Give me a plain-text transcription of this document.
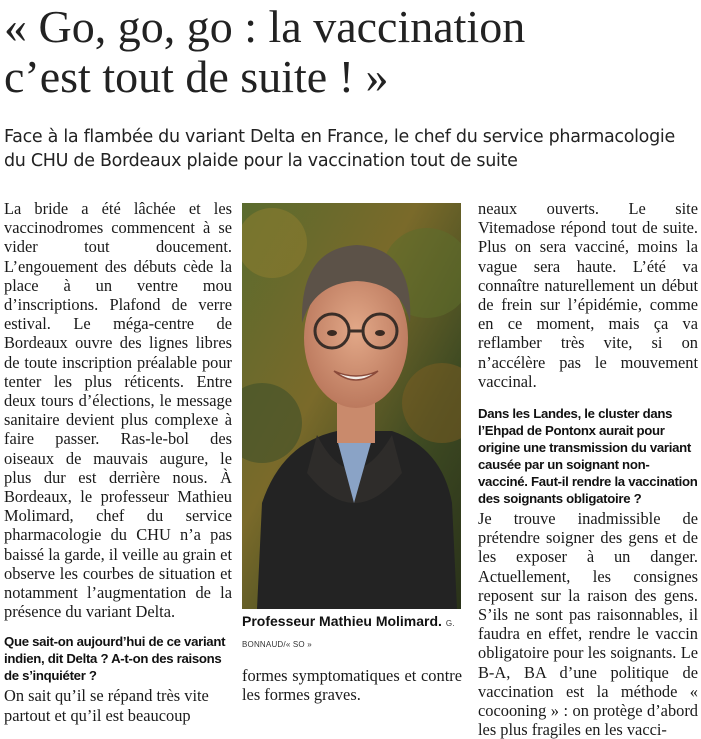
« Go, go, go : la vaccination
c’est tout de suite ! »

Face à la flambée du variant Delta en France, le chef du service pharmacologie
du CHU de Bordeaux plaide pour la vaccination tout de suite

La bride a été lâchée et les vaccinodromes commencent à se vider tout doucement. L’engouement des débuts cède la place à un ventre mou d’inscriptions. Plafond de verre estival. Le méga-centre de Bordeaux ouvre des lignes libres de toute inscription préalable pour tenter les plus réticents. Entre deux tours d’élections, le message sanitaire devient plus complexe à faire passer. Ras-le-bol des oiseaux de mauvais augure, le plus dur est derrière nous. À Bordeaux, le professeur Mathieu Molimard, chef du service pharmacologie du CHU n’a pas baissé la garde, il veille au grain et observe les courbes de situation et notamment l’augmentation de la présence du variant Delta.

Que sait-on aujourd’hui de ce variant indien, dit Delta ? A-t-on des raisons de s’inquiéter ?

On sait qu’il se répand très vite partout et qu’il est beaucoup

Professeur Mathieu Molimard. G. BONNAUD/« SO »

formes symptomatiques et contre les formes graves.

neaux ouverts. Le site Vitemadose répond tout de suite. Plus on sera vacciné, moins la vague sera haute. L’été va connaître naturellement un début de frein sur l’épidémie, comme en ce moment, mais ça va reflamber très vite, si on n’accélère pas le mouvement vaccinal.

Dans les Landes, le cluster dans l’Ehpad de Pontonx aurait pour origine une transmission du variant causée par un soignant non-vacciné. Faut-il rendre la vaccination des soignants obligatoire ?

Je trouve inadmissible de prétendre soigner des gens et de les exposer à un danger. Actuellement, les consignes reposent sur la raison des gens. S’ils ne sont pas raisonnables, il faudra en effet, rendre le vaccin obligatoire pour les soignants. Le B-A, BA d’une politique de vaccination est la méthode « cocooning » : on protège d’abord les plus fragiles en les vacci-
